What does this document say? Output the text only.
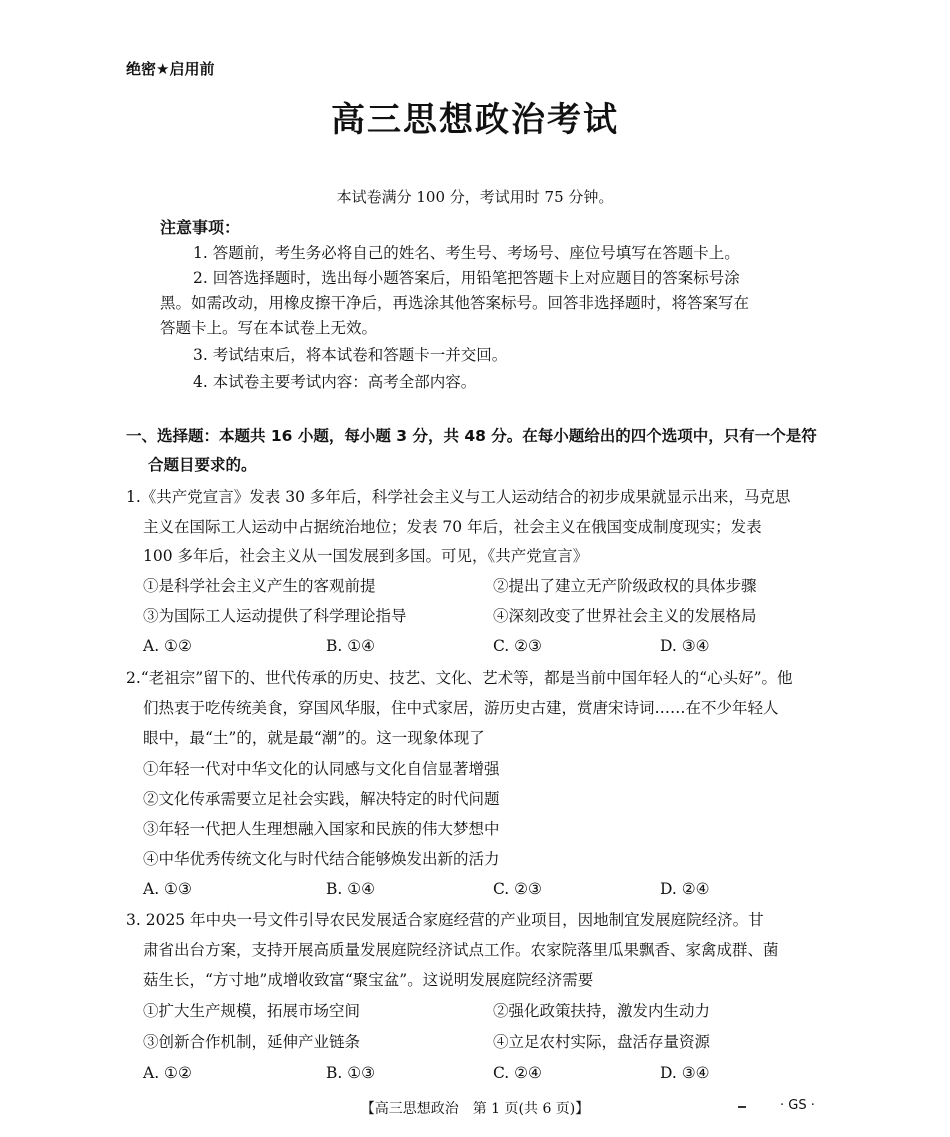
绝密★启用前
高三思想政治考试
本试卷满分 100 分，考试用时 75 分钟。
注意事项：
1. 答题前，考生务必将自己的姓名、考生号、考场号、座位号填写在答题卡上。
2. 回答选择题时，选出每小题答案后，用铅笔把答题卡上对应题目的答案标号涂
黑。如需改动，用橡皮擦干净后，再选涂其他答案标号。回答非选择题时，将答案写在
答题卡上。写在本试卷上无效。
3. 考试结束后，将本试卷和答题卡一并交回。
4. 本试卷主要考试内容：高考全部内容。
一、选择题：本题共 16 小题，每小题 3 分，共 48 分。在每小题给出的四个选项中，只有一个是符
合题目要求的。
1.《共产党宣言》发表 30 多年后，科学社会主义与工人运动结合的初步成果就显示出来，马克思
主义在国际工人运动中占据统治地位；发表 70 年后，社会主义在俄国变成制度现实；发表
100 多年后，社会主义从一国发展到多国。可见，《共产党宣言》
①是科学社会主义产生的客观前提	②提出了建立无产阶级政权的具体步骤
③为国际工人运动提供了科学理论指导	④深刻改变了世界社会主义的发展格局
A. ①②	B. ①④	C. ②③	D. ③④
2.“老祖宗”留下的、世代传承的历史、技艺、文化、艺术等，都是当前中国年轻人的“心头好”。他
们热衷于吃传统美食，穿国风华服，住中式家居，游历史古建，赏唐宋诗词……在不少年轻人
眼中，最“土”的，就是最“潮”的。这一现象体现了
①年轻一代对中华文化的认同感与文化自信显著增强
②文化传承需要立足社会实践，解决特定的时代问题
③年轻一代把人生理想融入国家和民族的伟大梦想中
④中华优秀传统文化与时代结合能够焕发出新的活力
A. ①③	B. ①④	C. ②③	D. ②④
3. 2025 年中央一号文件引导农民发展适合家庭经营的产业项目，因地制宜发展庭院经济。甘
肃省出台方案，支持开展高质量发展庭院经济试点工作。农家院落里瓜果飘香、家禽成群、菌
菇生长，“方寸地”成增收致富“聚宝盆”。这说明发展庭院经济需要
①扩大生产规模，拓展市场空间	②强化政策扶持，激发内生动力
③创新合作机制，延伸产业链条	④立足农村实际，盘活存量资源
A. ①②	B. ①③	C. ②④	D. ③④
【高三思想政治　第 1 页(共 6 页)】	· GS ·
